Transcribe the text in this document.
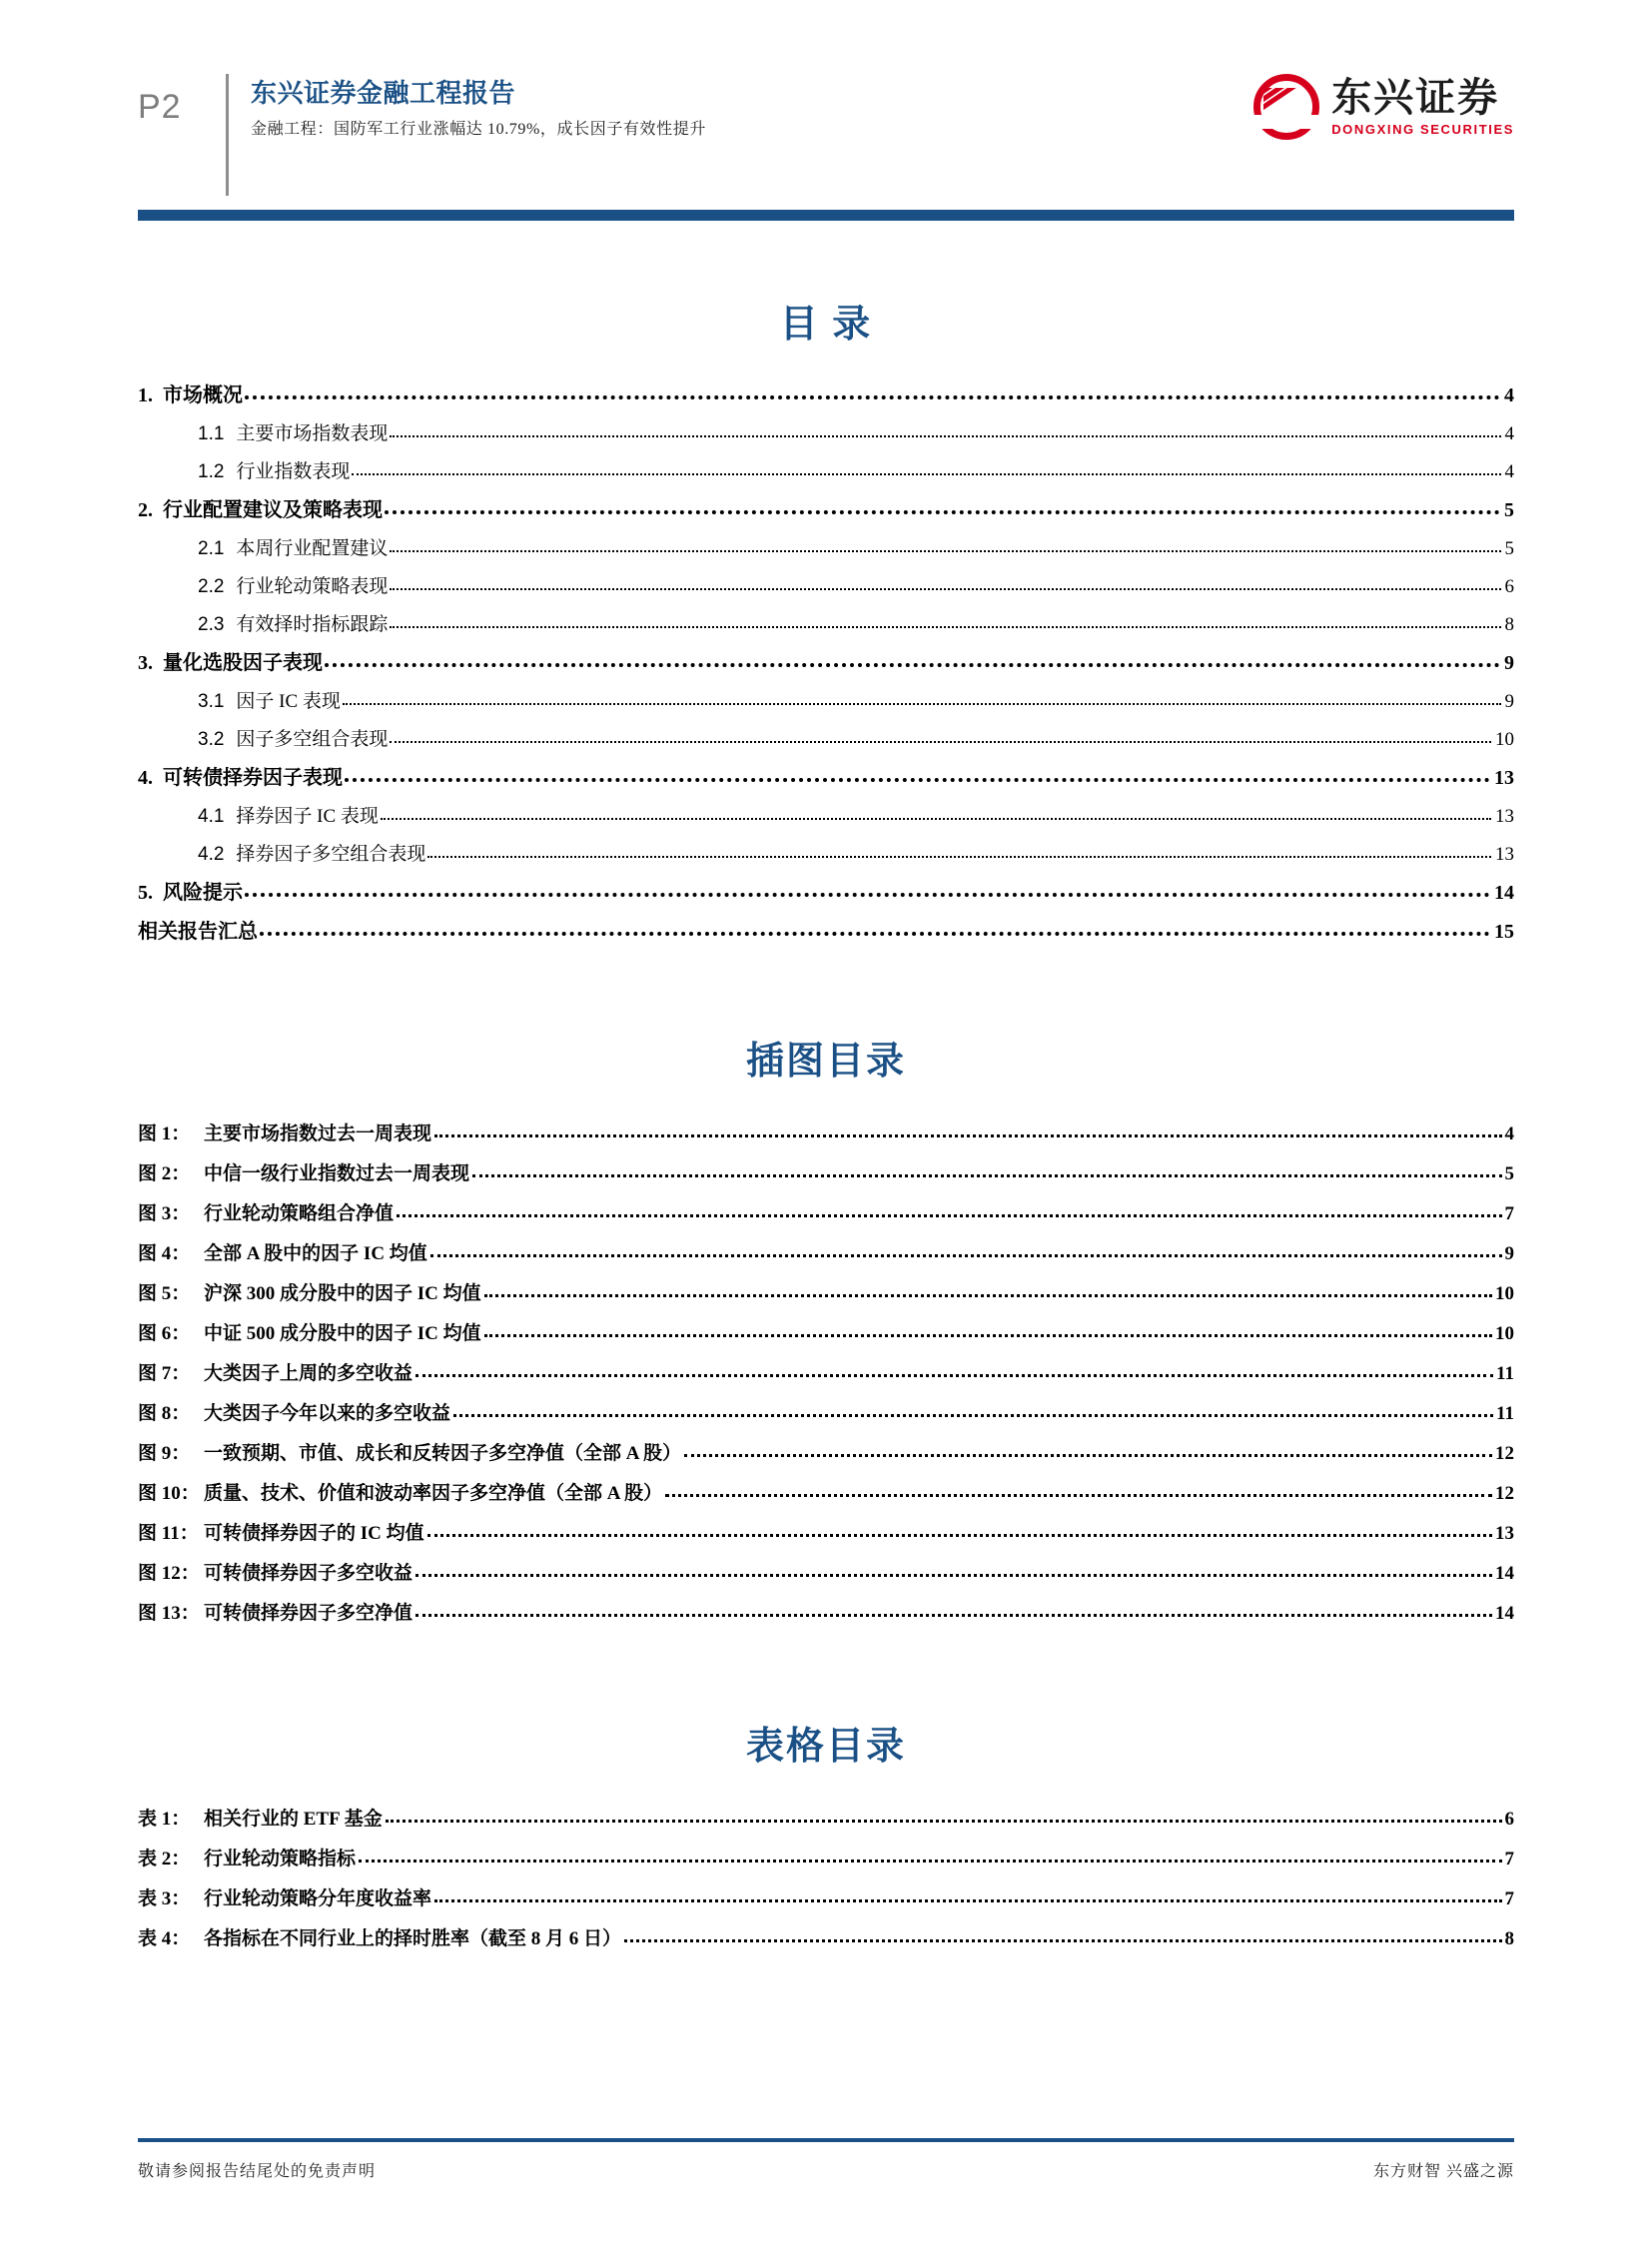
P2	东兴证券金融工程报告
金融工程：国防军工行业涨幅达 10.79%，成长因子有效性提升
东兴证券
DONGXING SECURITIES
目 录
1. 市场概况	4
1.1 主要市场指数表现	4
1.2 行业指数表现	4
2. 行业配置建议及策略表现	5
2.1 本周行业配置建议	5
2.2 行业轮动策略表现	6
2.3 有效择时指标跟踪	8
3. 量化选股因子表现	9
3.1 因子 IC 表现	9
3.2 因子多空组合表现	10
4. 可转债择券因子表现	13
4.1 择券因子 IC 表现	13
4.2 择券因子多空组合表现	13
5. 风险提示	14
相关报告汇总	15
插图目录
图 1： 主要市场指数过去一周表现	4
图 2： 中信一级行业指数过去一周表现	5
图 3： 行业轮动策略组合净值	7
图 4： 全部 A 股中的因子 IC 均值	9
图 5： 沪深 300 成分股中的因子 IC 均值	10
图 6： 中证 500 成分股中的因子 IC 均值	10
图 7： 大类因子上周的多空收益	11
图 8： 大类因子今年以来的多空收益	11
图 9： 一致预期、市值、成长和反转因子多空净值（全部 A 股）	12
图 10： 质量、技术、价值和波动率因子多空净值（全部 A 股）	12
图 11： 可转债择券因子的 IC 均值	13
图 12： 可转债择券因子多空收益	14
图 13： 可转债择券因子多空净值	14
表格目录
表 1： 相关行业的 ETF 基金	6
表 2： 行业轮动策略指标	7
表 3： 行业轮动策略分年度收益率	7
表 4： 各指标在不同行业上的择时胜率（截至 8 月 6 日）	8
敬请参阅报告结尾处的免责声明	东方财智 兴盛之源
